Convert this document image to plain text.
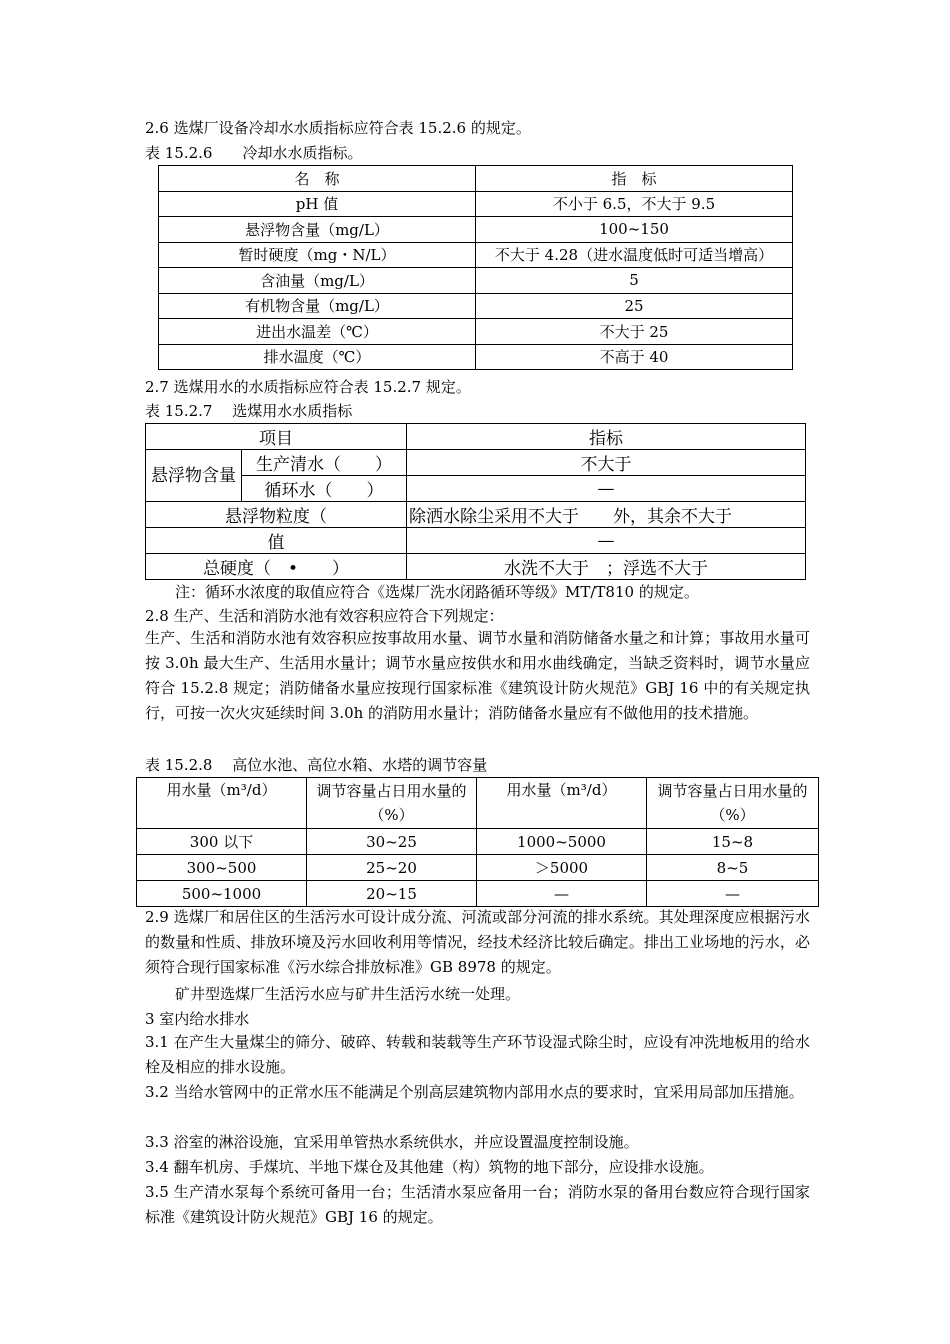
2.6 选煤厂设备冷却水水质指标应符合表 15.2.6 的规定。
表 15.2.6　　冷却水水质指标。
名　称	指　标
pH 值	不小于 6.5，不大于 9.5
悬浮物含量（mg/L）	100~150
暂时硬度（mg・N/L）	不大于 4.28（进水温度低时可适当增高）
含油量（mg/L）	5
有机物含量（mg/L）	25
进出水温差（℃）	不大于 25
排水温度（℃）	不高于 40
2.7 选煤用水的水质指标应符合表 15.2.7 规定。
表 15.2.7　 选煤用水水质指标
项目		指标
悬浮物含量	生产清水（　　）	不大于
	循环水（　　）	—
悬浮物粒度（		除洒水除尘采用不大于　　外，其余不大于
值		—
总硬度（　•　　）		水洗不大于　；浮选不大于
注：循环水浓度的取值应符合《选煤厂洗水闭路循环等级》MT/T810 的规定。
2.8 生产、生活和消防水池有效容积应符合下列规定：
生产、生活和消防水池有效容积应按事故用水量、调节水量和消防储备水量之和计算；事故用水量可按 3.0h 最大生产、生活用水量计；调节水量应按供水和用水曲线确定，当缺乏资料时，调节水量应符合 15.2.8 规定；消防储备水量应按现行国家标准《建筑设计防火规范》GBJ 16 中的有关规定执行，可按一次火灾延续时间 3.0h 的消防用水量计；消防储备水量应有不做他用的技术措施。
表 15.2.8　 高位水池、高位水箱、水塔的调节容量
用水量（m³/d）	调节容量占日用水量的（%）	用水量（m³/d）	调节容量占日用水量的（%）
300 以下	30~25	1000~5000	15~8
300~500	25~20	＞5000	8~5
500~1000	20~15	—	—
2.9 选煤厂和居住区的生活污水可设计成分流、河流或部分河流的排水系统。其处理深度应根据污水的数量和性质、排放环境及污水回收利用等情况，经技术经济比较后确定。排出工业场地的污水，必须符合现行国家标准《污水综合排放标准》GB 8978 的规定。
矿井型选煤厂生活污水应与矿井生活污水统一处理。
3 室内给水排水
3.1 在产生大量煤尘的筛分、破碎、转载和装载等生产环节设湿式除尘时，应设有冲洗地板用的给水栓及相应的排水设施。
3.2 当给水管网中的正常水压不能满足个别高层建筑物内部用水点的要求时，宜采用局部加压措施。
3.3 浴室的淋浴设施，宜采用单管热水系统供水，并应设置温度控制设施。
3.4 翻车机房、手煤坑、半地下煤仓及其他建（构）筑物的地下部分，应设排水设施。
3.5 生产清水泵每个系统可备用一台；生活清水泵应备用一台；消防水泵的备用台数应符合现行国家标准《建筑设计防火规范》GBJ 16 的规定。
